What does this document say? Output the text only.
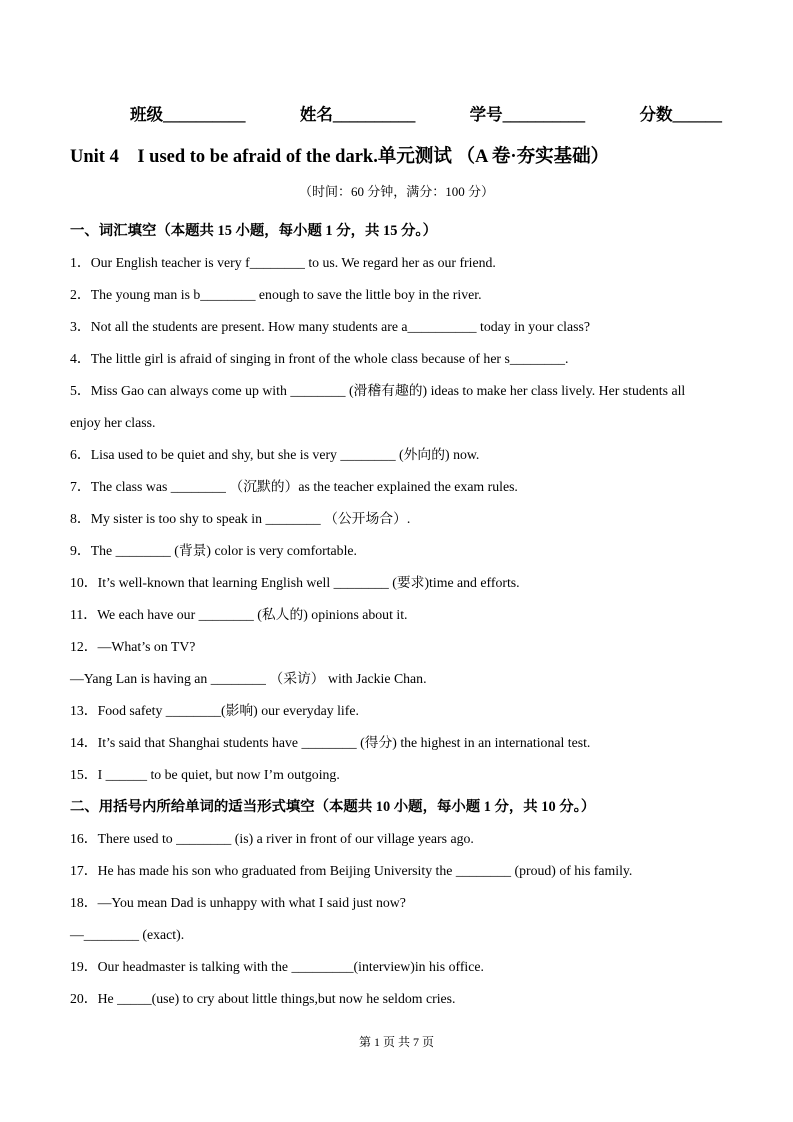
班级__________	姓名__________	学号__________	分数______
Unit 4　I used to be afraid of the dark.单元测试 （A 卷·夯实基础）
（时间：60 分钟，满分：100 分）

一、词汇填空（本题共 15 小题，每小题 1 分，共 15 分。）

1．Our English teacher is very f________ to us. We regard her as our friend.

2．The young man is b________ enough to save the little boy in the river.

3．Not all the students are present. How many students are a__________ today in your class?

4．The little girl is afraid of singing in front of the whole class because of her s________.

5．Miss Gao can always come up with ________ (滑稽有趣的) ideas to make her class lively. Her students all

enjoy her class.

6．Lisa used to be quiet and shy, but she is very ________ (外向的) now.

7．The class was ________ （沉默的）as the teacher explained the exam rules.

8．My sister is too shy to speak in ________ （公开场合）.

9．The ________ (背景) color is very comfortable.

10．It’s well-known that learning English well ________ (要求)time and efforts.

11．We each have our ________ (私人的) opinions about it.

12．—What’s on TV?

—Yang Lan is having an ________ （采访） with Jackie Chan.

13．Food safety ________(影响) our everyday life.

14．It’s said that Shanghai students have ________ (得分) the highest in an international test.

15．I ______ to be quiet, but now I’m outgoing.

二、用括号内所给单词的适当形式填空（本题共 10 小题，每小题 1 分，共 10 分。）

16．There used to ________ (is) a river in front of our village years ago.

17．He has made his son who graduated from Beijing University the ________ (proud) of his family.

18．—You mean Dad is unhappy with what I said just now?

—________ (exact).

19．Our headmaster is talking with the _________(interview)in his office.

20．He _____(use) to cry about little things,but now he seldom cries.

第 1 页 共 7 页
